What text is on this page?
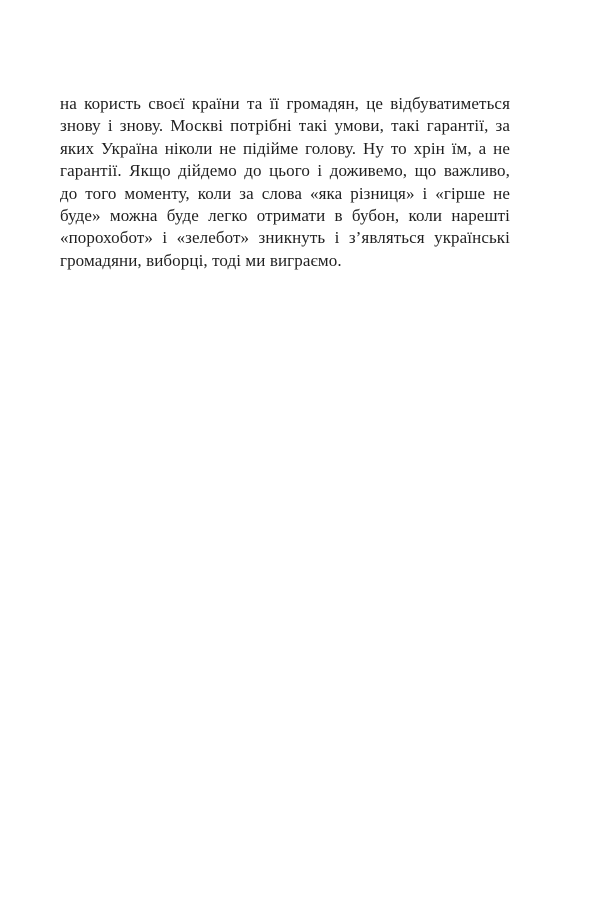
на користь своєї країни та її громадян, це відбуватиметься
знову і знову. Москві потрібні такі умови, такі гарантії, за
яких Україна ніколи не підійме голову. Ну то хрін їм, а не
гарантії. Якщо дійдемо до цього і доживемо, що важливо,
до того моменту, коли за слова «яка різниця» і «гірше не
буде» можна буде легко отримати в бубон, коли нарешті
«порохобот» і «зелебот» зникнуть і з’являться українські
громадяни, виборці, тоді ми виграємо.
